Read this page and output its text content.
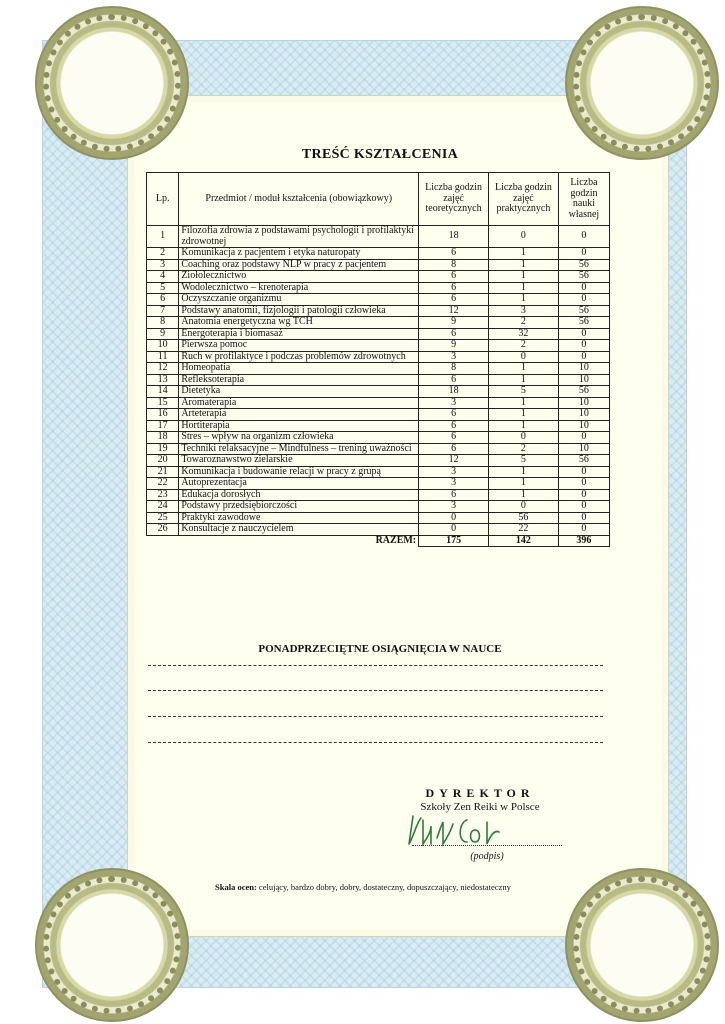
TREŚĆ KSZTAŁCENIA
Lp.	Przedmiot / moduł kształcenia (obowiązkowy)	Liczba godzin zajęć teoretycznych	Liczba godzin zajęć praktycznych	Liczba godzin nauki własnej
1	Filozofia zdrowia z podstawami psychologii i profilaktyki zdrowotnej	18	0	0
2	Komunikacja z pacjentem i etyka naturopaty	6	1	0
3	Coaching oraz podstawy NLP w pracy z pacjentem	8	1	56
4	Ziołolecznictwo	6	1	56
5	Wodolecznictwo – krenoterapia	6	1	0
6	Oczyszczanie organizmu	6	1	0
7	Podstawy anatomii, fizjologii i patologii człowieka	12	3	56
8	Anatomia energetyczna wg TCH	9	2	56
9	Energoterapia i biomasaż	6	32	0
10	Pierwsza pomoc	9	2	0
11	Ruch w profilaktyce i podczas problemów zdrowotnych	3	0	0
12	Homeopatia	8	1	10
13	Refleksoterapia	6	1	10
14	Dietetyka	18	5	56
15	Aromaterapia	3	1	10
16	Arteterapia	6	1	10
17	Hortiterapia	6	1	10
18	Stres – wpływ na organizm człowieka	6	0	0
19	Techniki relaksacyjne – Mindfulness – trening uważności	6	2	10
20	Towaroznawstwo zielarskie	12	5	56
21	Komunikacja i budowanie relacji w pracy z grupą	3	1	0
22	Autoprezentacja	3	1	0
23	Edukacja dorosłych	6	1	0
24	Podstawy przedsiębiorczości	3	0	0
25	Praktyki zawodowe	0	56	0
26	Konsultacje z nauczycielem	0	22	0
	RAZEM:	175	142	396
PONADPRZECIĘTNE OSIĄGNIĘCIA W NAUCE
DYREKTOR
Szkoły Zen Reiki w Polsce
(podpis)
Skala ocen: celujący, bardzo dobry, dobry, dostateczny, dopuszczający, niedostateczny
